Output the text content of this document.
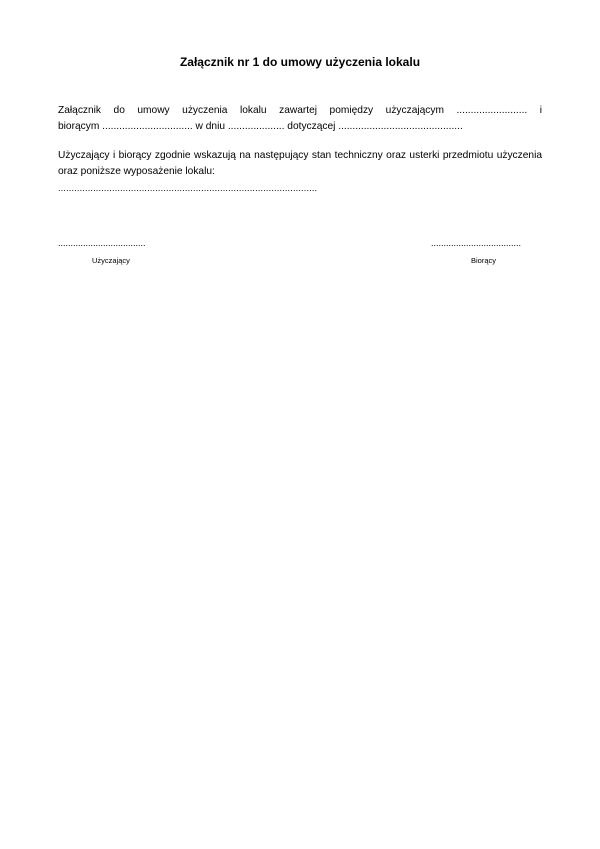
Załącznik nr 1 do umowy użyczenia lokalu
Załącznik do umowy użyczenia lokalu zawartej pomiędzy użyczającym ......................... i
biorącym ................................ w dniu .................... dotyczącej ............................................
Użyczający i biorący zgodnie wskazują na następujący stan techniczny oraz usterki przedmiotu użyczenia
oraz poniższe wyposażenie lokalu:
................................................................................................
...................................	....................................
Użyczający	Biorący
